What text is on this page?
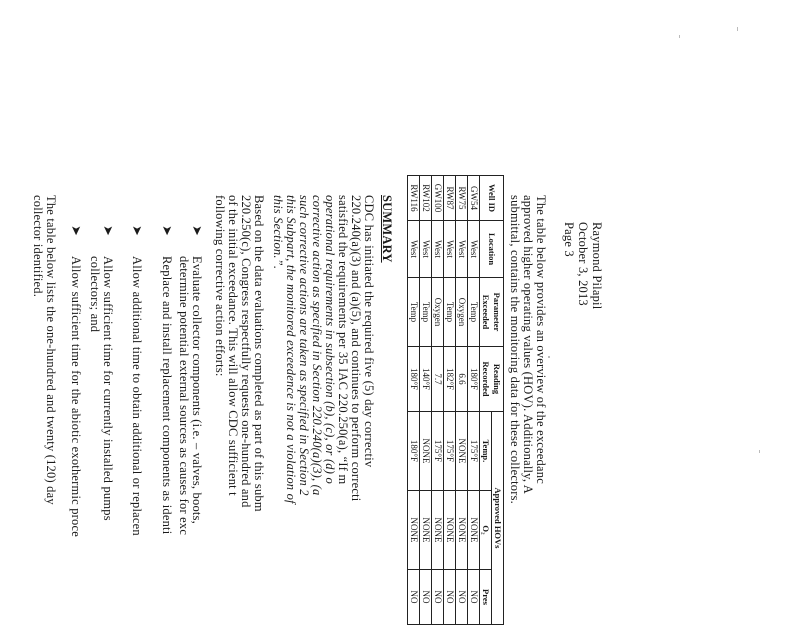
Raymond Pilapil
October 3, 2013
Page 3
The table below provides an overview of the exceedanc
approved higher operating values (HOV). Additionally, A
submittal, contains the monitoring data for these collectors.
Well ID	Location	Parameter Exceeded	Reading Recorded	Approved HOVs		
				Temp.	O₂	Pres
GW54	West	Temp	180°F	175°F	NONE	NO
RW75	West	Oxygen	6.6	NONE	NONE	NO
RW87	West	Temp	182°F	175°F	NONE	NO
GW100	West	Oxygen	7.7	175°F	NONE	NO
RW102	West	Temp	140°F	NONE	NONE	NO
RW116	West	Temp	180°F	180°F	NONE	NO
SUMMARY
CDC has initiated the required five (5) day correctiv
220.240(a)(3) and (a)(5), and continues to perform correcti
satisfied the requirements per 35 IAC 220.250(a), “If m
operational requirements in subsection (b), (c), or (d) o
corrective action as specified in Section 220.240(a)(3), (a
such corrective actions are taken as specified in Section 2
this Subpart, the monitored exceedence is not a violation of
this Section.”.
Based on the data evaluations completed as part of this subm
220.250(c), Congress respectfully requests one-hundred and
of the initial exceedance. This will allow CDC sufficient t
following corrective action efforts:
➤
Evaluate collector components (i.e. – valves, boots,
determine potential external sources as causes for exc
➤
Replace and install replacement components as identi
➤
Allow additional time to obtain additional or replacen
➤
Allow sufficient time for currently installed pumps
collectors; and
➤
Allow sufficient time for the abiotic exothermic proce
The table below lists the one-hundred and twenty (120) day
collector identified.
